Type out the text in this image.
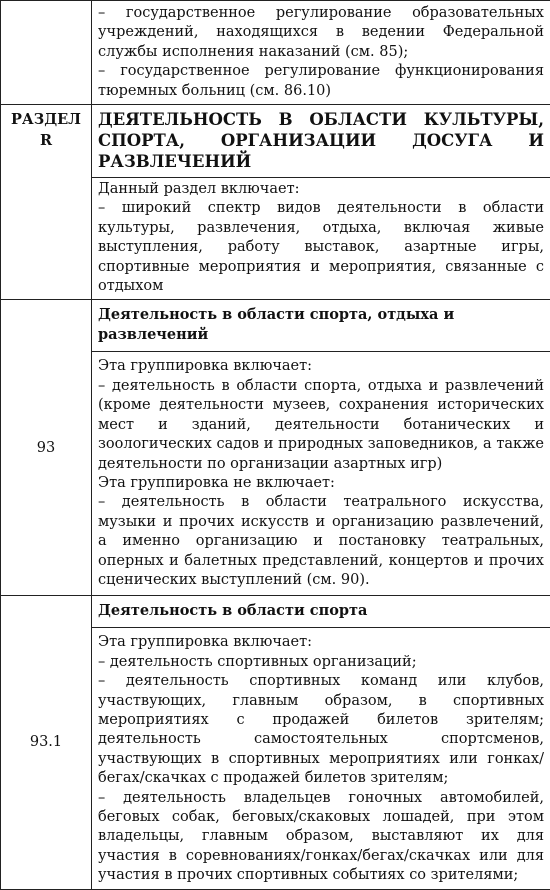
	– государственное регулирование образовательных учреждений, находящихся в ведении Федеральной службы исполнения наказаний (см. 85);
– государственное регулирование функционирования тюремных больниц (см. 86.10)

РАЗДЕЛ
R	ДЕЯТЕЛЬНОСТЬ В ОБЛАСТИ КУЛЬТУРЫ, СПОРТА, ОРГАНИЗАЦИИ ДОСУГА И РАЗВЛЕЧЕНИЙ

	Данный раздел включает:
– широкий спектр видов деятельности в области культуры, развлечения, отдыха, включая живые выступления, работу выставок, азартные игры, спортивные мероприятия и мероприятия, связанные с отдыхом

93	Деятельность в области спорта, отдыха и развлечений

	Эта группировка включает:
– деятельность в области спорта, отдыха и развлечений (кроме деятельности музеев, сохранения исторических мест и зданий, деятельности ботанических и зоологических садов и природных заповедников, а также деятельности по организации азартных игр)
Эта группировка не включает:
– деятельность в области театрального искусства, музыки и прочих искусств и организацию развлечений, а именно организацию и постановку театральных, оперных и балетных представлений, концертов и прочих сценических выступлений (см. 90).

93.1	Деятельность в области спорта

	Эта группировка включает:
– деятельность спортивных организаций;
– деятельность спортивных команд или клубов, участвующих, главным образом, в спортивных мероприятиях с продажей билетов зрителям; деятельность самостоятельных спортсменов, участвующих в спортивных мероприятиях или гонках/бегах/скачках с продажей билетов зрителям;
– деятельность владельцев гоночных автомобилей, беговых собак, беговых/скаковых лошадей, при этом владельцы, главным образом, выставляют их для участия в соревнованиях/гонках/бегах/скачках или для участия в прочих спортивных событиях со зрителями;
